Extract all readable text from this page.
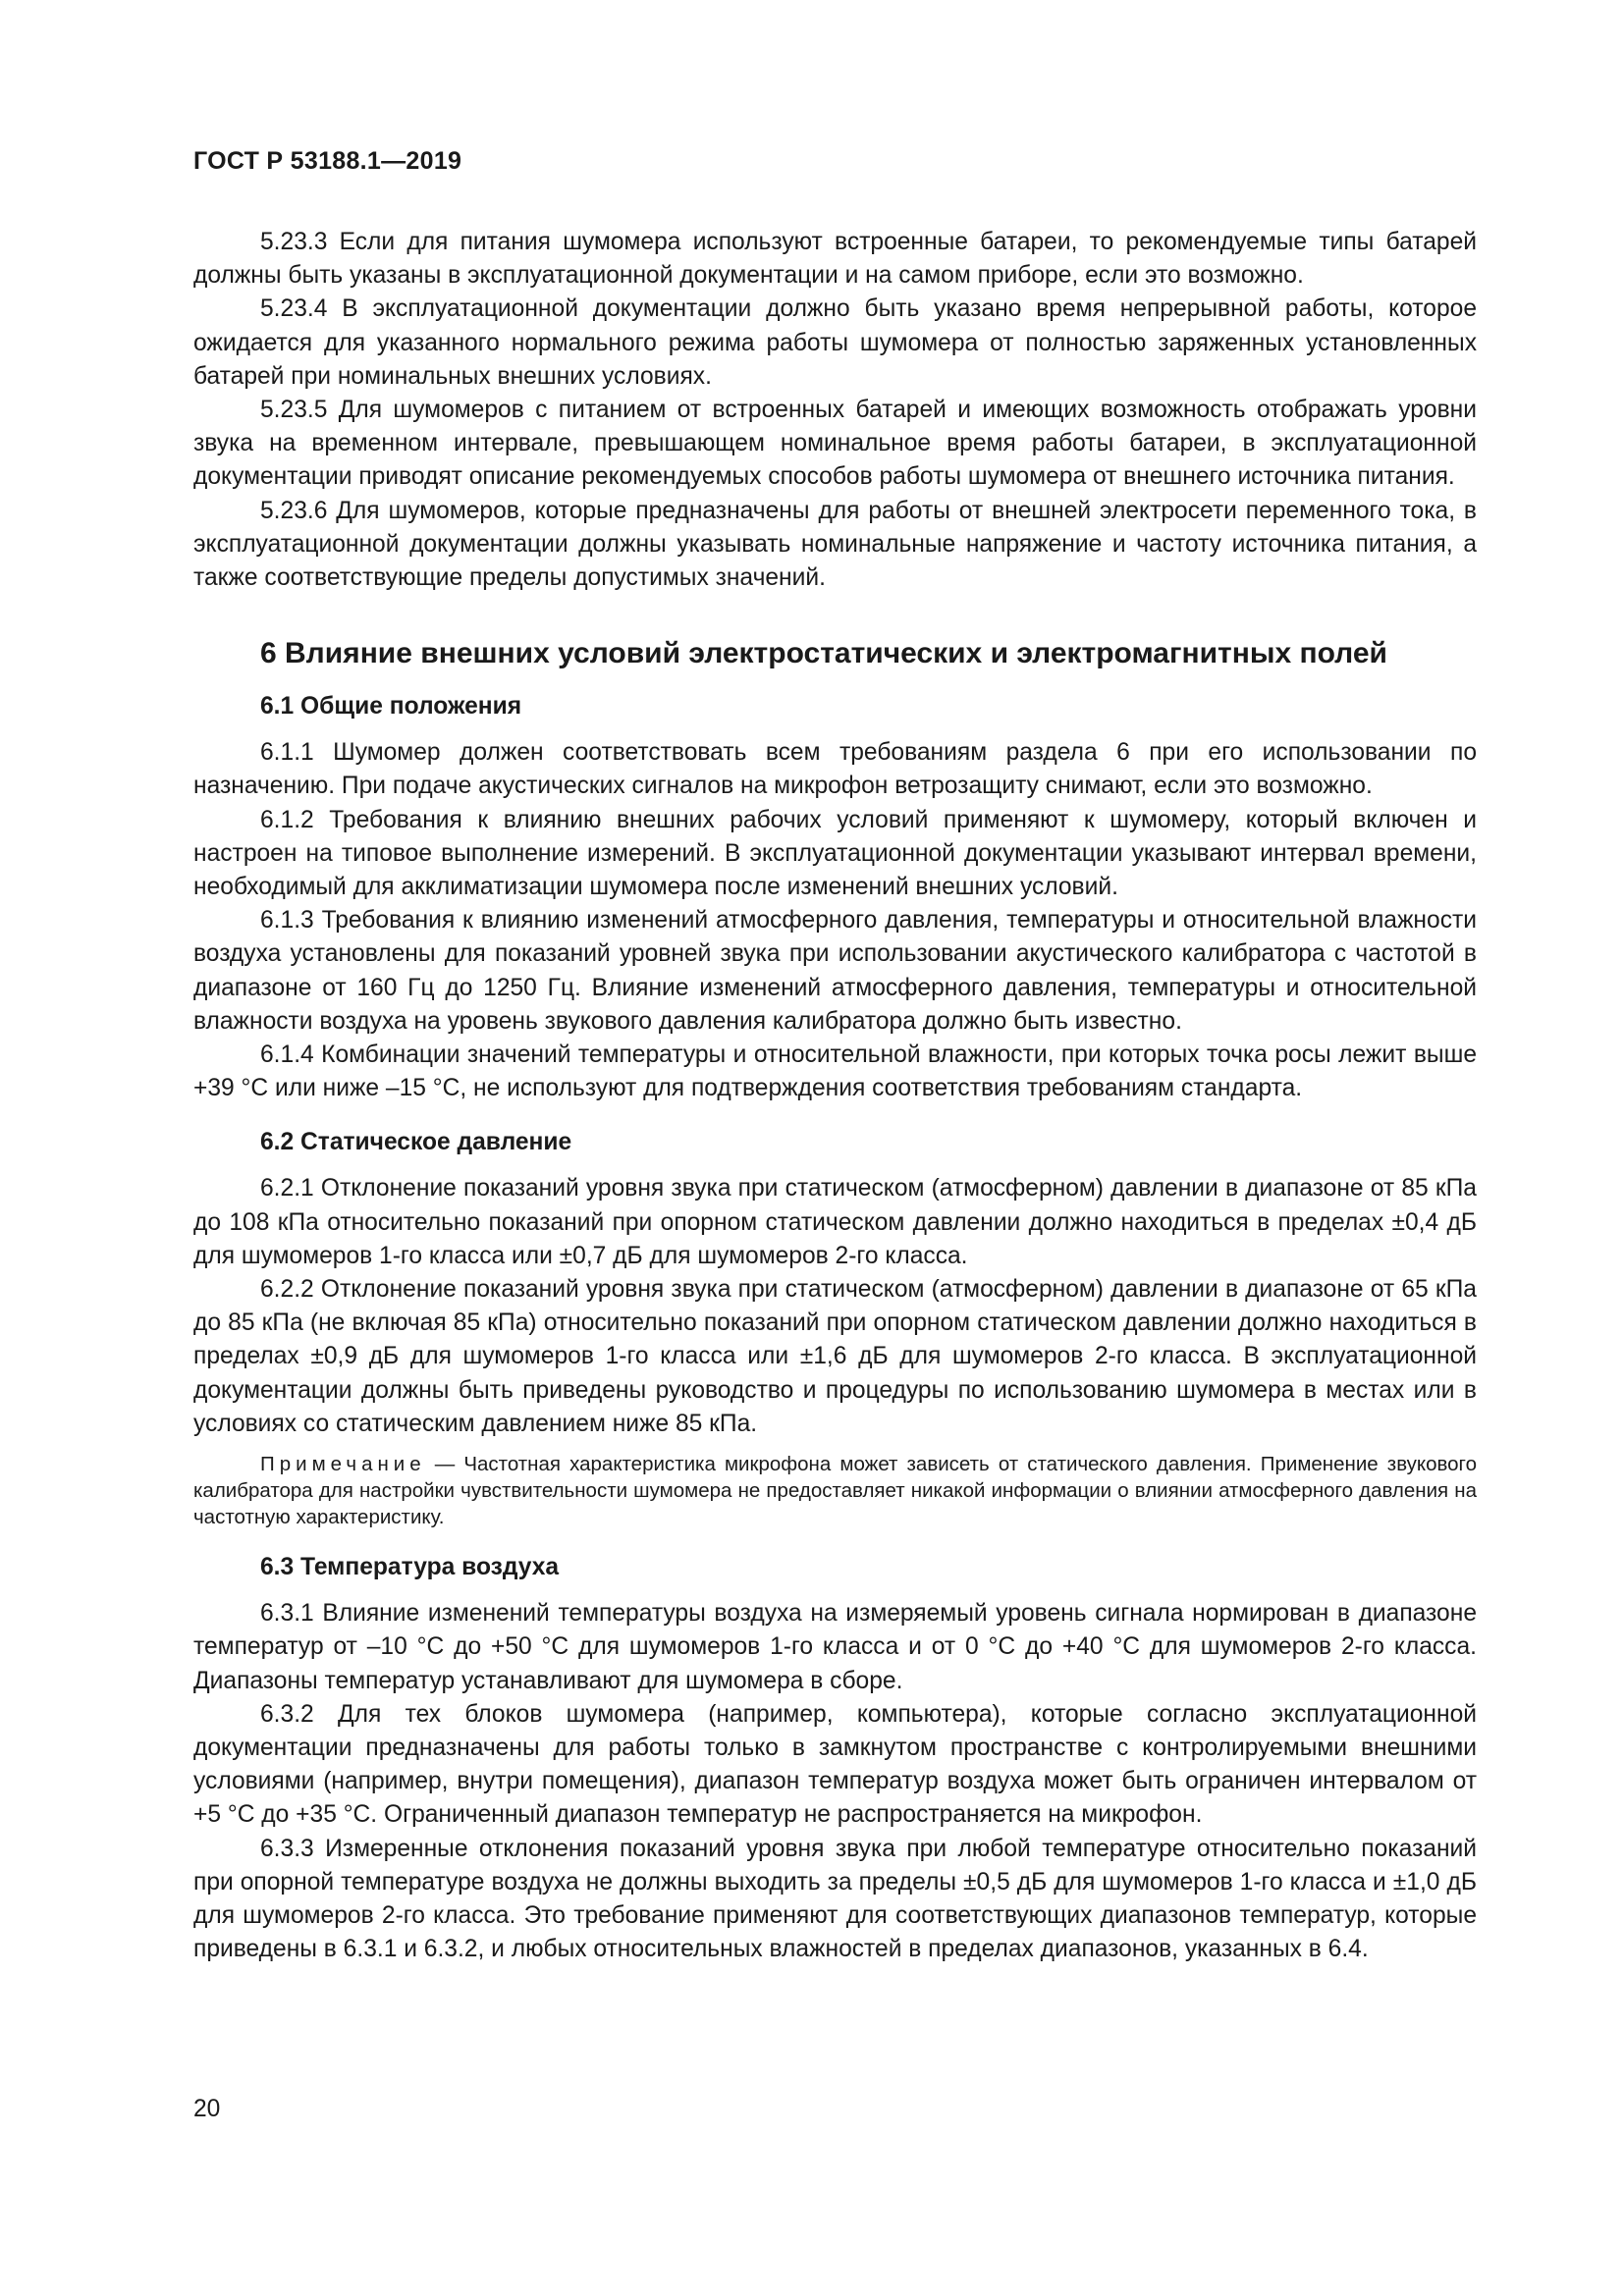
ГОСТ Р 53188.1—2019

5.23.3 Если для питания шумомера используют встроенные батареи, то рекомендуемые типы батарей должны быть указаны в эксплуатационной документации и на самом приборе, если это возможно.

5.23.4 В эксплуатационной документации должно быть указано время непрерывной работы, которое ожидается для указанного нормального режима работы шумомера от полностью заряженных установленных батарей при номинальных внешних условиях.

5.23.5 Для шумомеров с питанием от встроенных батарей и имеющих возможность отображать уровни звука на временном интервале, превышающем номинальное время работы батареи, в эксплуатационной документации приводят описание рекомендуемых способов работы шумомера от внешнего источника питания.

5.23.6 Для шумомеров, которые предназначены для работы от внешней электросети переменного тока, в эксплуатационной документации должны указывать номинальные напряжение и частоту источника питания, а также соответствующие пределы допустимых значений.

6 Влияние внешних условий электростатических и электромагнитных полей
6.1 Общие положения

6.1.1 Шумомер должен соответствовать всем требованиям раздела 6 при его использовании по назначению. При подаче акустических сигналов на микрофон ветрозащиту снимают, если это возможно.

6.1.2 Требования к влиянию внешних рабочих условий применяют к шумомеру, который включен и настроен на типовое выполнение измерений. В эксплуатационной документации указывают интервал времени, необходимый для акклиматизации шумомера после изменений внешних условий.

6.1.3 Требования к влиянию изменений атмосферного давления, температуры и относительной влажности воздуха установлены для показаний уровней звука при использовании акустического калибратора с частотой в диапазоне от 160 Гц до 1250 Гц. Влияние изменений атмосферного давления, температуры и относительной влажности воздуха на уровень звукового давления калибратора должно быть известно.

6.1.4 Комбинации значений температуры и относительной влажности, при которых точка росы лежит выше +39 °С или ниже –15 °С, не используют для подтверждения соответствия требованиям стандарта.

6.2 Статическое давление

6.2.1 Отклонение показаний уровня звука при статическом (атмосферном) давлении в диапазоне от 85 кПа до 108 кПа относительно показаний при опорном статическом давлении должно находиться в пределах ±0,4 дБ для шумомеров 1-го класса или ±0,7 дБ для шумомеров 2-го класса.

6.2.2 Отклонение показаний уровня звука при статическом (атмосферном) давлении в диапазоне от 65 кПа до 85 кПа (не включая 85 кПа) относительно показаний при опорном статическом давлении должно находиться в пределах ±0,9 дБ для шумомеров 1-го класса или ±1,6 дБ для шумомеров 2-го класса. В эксплуатационной документации должны быть приведены руководство и процедуры по использованию шумомера в местах или в условиях со статическим давлением ниже 85 кПа.

Примечание — Частотная характеристика микрофона может зависеть от статического давления. Применение звукового калибратора для настройки чувствительности шумомера не предоставляет никакой информации о влиянии атмосферного давления на частотную характеристику.

6.3 Температура воздуха

6.3.1 Влияние изменений температуры воздуха на измеряемый уровень сигнала нормирован в диапазоне температур от –10 °С до +50 °С для шумомеров 1-го класса и от 0 °С до +40 °С для шумомеров 2-го класса. Диапазоны температур устанавливают для шумомера в сборе.

6.3.2 Для тех блоков шумомера (например, компьютера), которые согласно эксплуатационной документации предназначены для работы только в замкнутом пространстве с контролируемыми внешними условиями (например, внутри помещения), диапазон температур воздуха может быть ограничен интервалом от +5 °С до +35 °С. Ограниченный диапазон температур не распространяется на микрофон.

6.3.3 Измеренные отклонения показаний уровня звука при любой температуре относительно показаний при опорной температуре воздуха не должны выходить за пределы ±0,5 дБ для шумомеров 1-го класса и ±1,0 дБ для шумомеров 2-го класса. Это требование применяют для соответствующих диапазонов температур, которые приведены в 6.3.1 и 6.3.2, и любых относительных влажностей в пределах диапазонов, указанных в 6.4.

20
